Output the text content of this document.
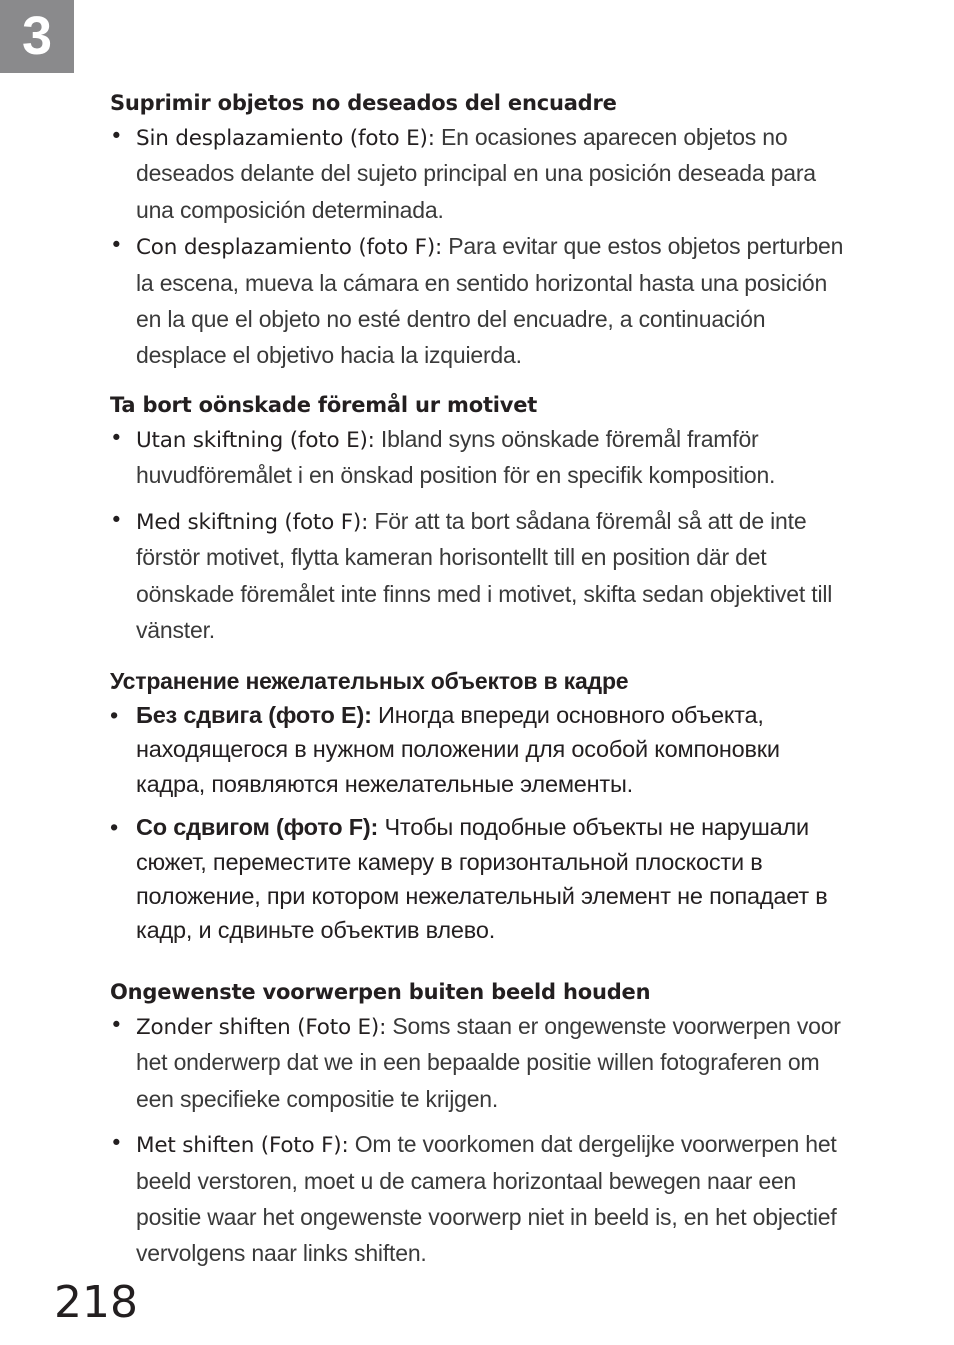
3
Suprimir objetos no deseados del encuadre
• Sin desplazamiento (foto E): En ocasiones aparecen objetos no deseados delante del sujeto principal en una posición deseada para una composición determinada.
• Con desplazamiento (foto F): Para evitar que estos objetos perturben la escena, mueva la cámara en sentido horizontal hasta una posición en la que el objeto no esté dentro del encuadre, a continuación desplace el objetivo hacia la izquierda.
Ta bort oönskade föremål ur motivet
• Utan skiftning (foto E): Ibland syns oönskade föremål framför huvudföremålet i en önskad position för en specifik komposition.
• Med skiftning (foto F): För att ta bort sådana föremål så att de inte förstör motivet, flytta kameran horisontellt till en position där det oönskade föremålet inte finns med i motivet, skifta sedan objektivet till vänster.
Устранение нежелательных объектов в кадре
• Без сдвига (фото E): Иногда впереди основного объекта, находящегося в нужном положении для особой компоновки кадра, появляются нежелательные элементы.
• Со сдвигом (фото F): Чтобы подобные объекты не нарушали сюжет, переместите камеру в горизонтальной плоскости в положение, при котором нежелательный элемент не попадает в кадр, и сдвиньте объектив влево.
Ongewenste voorwerpen buiten beeld houden
• Zonder shiften (Foto E): Soms staan er ongewenste voorwerpen voor het onderwerp dat we in een bepaalde positie willen fotograferen om een specifieke compositie te krijgen.
• Met shiften (Foto F): Om te voorkomen dat dergelijke voorwerpen het beeld verstoren, moet u de camera horizontaal bewegen naar een positie waar het ongewenste voorwerp niet in beeld is, en het objectief vervolgens naar links shiften.
218
